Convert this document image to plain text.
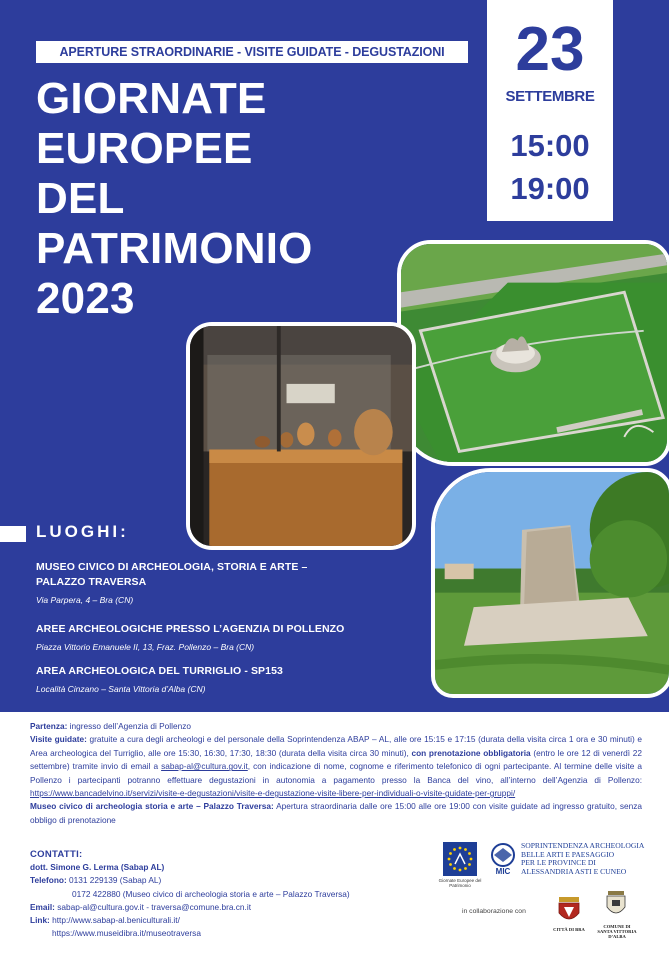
APERTURE STRAORDINARIE - VISITE GUIDATE - DEGUSTAZIONI
GIORNATE
EUROPEE
DEL
PATRIMONIO
2023
23
SETTEMBRE
15:00
19:00
LUOGHI:
MUSEO CIVICO DI ARCHEOLOGIA, STORIA E ARTE –
PALAZZO TRAVERSA
Via Parpera, 4 – Bra (CN)
AREE ARCHEOLOGICHE PRESSO L’AGENZIA DI POLLENZO
Piazza Vittorio Emanuele II, 13, Fraz. Pollenzo – Bra (CN)
AREA ARCHEOLOGICA DEL TURRIGLIO - SP153
Località Cinzano – Santa Vittoria d’Alba (CN)

Partenza: ingresso dell’Agenzia di Pollenzo

Visite guidate: gratuite a cura degli archeologi e del personale della Soprintendenza ABAP – AL, alle ore 15:15 e 17:15 (durata della visita circa 1 ora e 30 minuti) e Area archeologica del Turriglio, alle ore 15:30, 16:30, 17:30, 18:30 (durata della visita circa 30 minuti), con prenotazione obbligatoria (entro le ore 12 di venerdì 22 settembre) tramite invio di email a sabap-al@cultura.gov.it, con indicazione di nome, cognome e riferimento telefonico di ogni partecipante. Al termine delle visite a Pollenzo i partecipanti potranno effettuare degustazioni in autonomia a pagamento presso la Banca del vino, all’interno dell’Agenzia di Pollenzo: https://www.bancadelvino.it/servizi/visite-e-degustazioni/visite-e-degustazione-visite-libere-per-individuali-o-visite-guidate-per-gruppi/

Museo civico di archeologia storia e arte – Palazzo Traversa: Apertura straordinaria dalle ore 15:00 alle ore 19:00 con visite guidate ad ingresso gratuito, senza obbligo di prenotazione

CONTATTI:
dott. Simone G. Lerma (Sabap AL)
Telefono: 0131 229139 (Sabap AL)
0172 422880 (Museo civico di archeologia storia e arte – Palazzo Traversa)
Email: sabap-al@cultura.gov.it - traversa@comune.bra.cn.it
Link: http://www.sabap-al.beniculturali.it/
https://www.museidibra.it/museotraversa
Giornate Europee del Patrimonio
MIC
SOPRINTENDENZA ARCHEOLOGIA
BELLE ARTI E PAESAGGIO
PER LE PROVINCE DI
ALESSANDRIA ASTI E CUNEO
in collaborazione con
CITTÀ DI BRA
COMUNE DI
SANTA VITTORIA
D’ALBA
